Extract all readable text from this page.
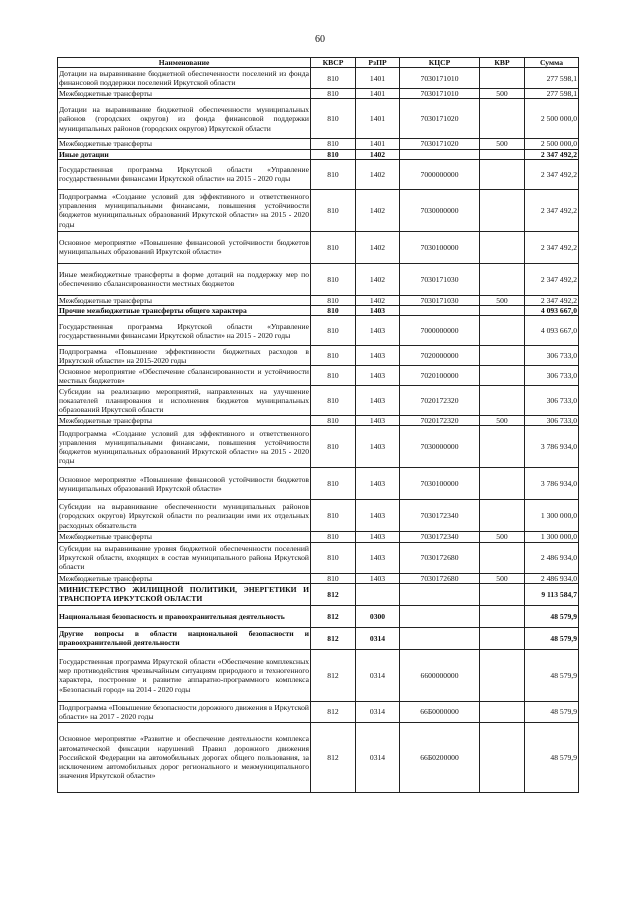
60
Наименование	КВСР	РзПР	КЦСР	КВР	Сумма
Дотации на выравнивание бюджетной обеспеченности поселений из фонда финансовой поддержки поселений Иркутской области	810	1401	7030171010		277 598,1
Межбюджетные трансферты	810	1401	7030171010	500	277 598,1
Дотации на выравнивание бюджетной обеспеченности муниципальных районов (городских округов) из фонда финансовой поддержки муниципальных районов (городских округов) Иркутской области	810	1401	7030171020		2 500 000,0
Межбюджетные трансферты	810	1401	7030171020	500	2 500 000,0
Иные дотации	810	1402			2 347 492,2
Государственная программа Иркутской области «Управление государственными финансами Иркутской области» на 2015 - 2020 годы	810	1402	7000000000		2 347 492,2
Подпрограмма «Создание условий для эффективного и ответственного управления муниципальными финансами, повышения устойчивости бюджетов муниципальных образований Иркутской области» на 2015 - 2020 годы	810	1402	7030000000		2 347 492,2
Основное мероприятие «Повышение финансовой устойчивости бюджетов муниципальных образований Иркутской области»	810	1402	7030100000		2 347 492,2
Иные межбюджетные трансферты в форме дотаций на поддержку мер по обеспечению сбалансированности местных бюджетов	810	1402	7030171030		2 347 492,2
Межбюджетные трансферты	810	1402	7030171030	500	2 347 492,2
Прочие межбюджетные трансферты общего характера	810	1403			4 093 667,0
Государственная программа Иркутской области «Управление государственными финансами Иркутской области» на 2015 - 2020 годы	810	1403	7000000000		4 093 667,0
Подпрограмма «Повышение эффективности бюджетных расходов в Иркутской области» на 2015-2020 годы	810	1403	7020000000		306 733,0
Основное мероприятие «Обеспечение сбалансированности и устойчивости местных бюджетов»	810	1403	7020100000		306 733,0
Субсидии на реализацию мероприятий, направленных на улучшение показателей планирования и исполнения бюджетов муниципальных образований Иркутской области	810	1403	7020172320		306 733,0
Межбюджетные трансферты	810	1403	7020172320	500	306 733,0
Подпрограмма «Создание условий для эффективного и ответственного управления муниципальными финансами, повышения устойчивости бюджетов муниципальных образований Иркутской области» на 2015 - 2020 годы	810	1403	7030000000		3 786 934,0
Основное мероприятие «Повышение финансовой устойчивости бюджетов муниципальных образований Иркутской области»	810	1403	7030100000		3 786 934,0
Субсидии на выравнивание обеспеченности муниципальных районов (городских округов) Иркутской области по реализации ими их отдельных расходных обязательств	810	1403	7030172340		1 300 000,0
Межбюджетные трансферты	810	1403	7030172340	500	1 300 000,0
Субсидии на выравнивание уровня бюджетной обеспеченности поселений Иркутской области, входящих в состав муниципального района Иркутской области	810	1403	7030172680		2 486 934,0
Межбюджетные трансферты	810	1403	7030172680	500	2 486 934,0
МИНИСТЕРСТВО ЖИЛИЩНОЙ ПОЛИТИКИ, ЭНЕРГЕТИКИ И ТРАНСПОРТА ИРКУТСКОЙ ОБЛАСТИ	812				9 113 584,7
Национальная безопасность и правоохранительная деятельность	812	0300			48 579,9
Другие вопросы в области национальной безопасности и правоохранительной деятельности	812	0314			48 579,9
Государственная программа Иркутской области «Обеспечение комплексных мер противодействия чрезвычайным ситуациям природного и техногенного характера, построение и развитие аппаратно-программного комплекса «Безопасный город» на 2014 - 2020 годы	812	0314	6600000000		48 579,9
Подпрограмма «Повышение безопасности дорожного движения в Иркутской области» на 2017 - 2020 годы	812	0314	66Б0000000		48 579,9
Основное мероприятие «Развитие и обеспечение деятельности комплекса автоматической фиксации нарушений Правил дорожного движения Российской Федерации на автомобильных дорогах общего пользования, за исключением автомобильных дорог регионального и межмуниципального значения Иркутской области»	812	0314	66Б0200000		48 579,9
